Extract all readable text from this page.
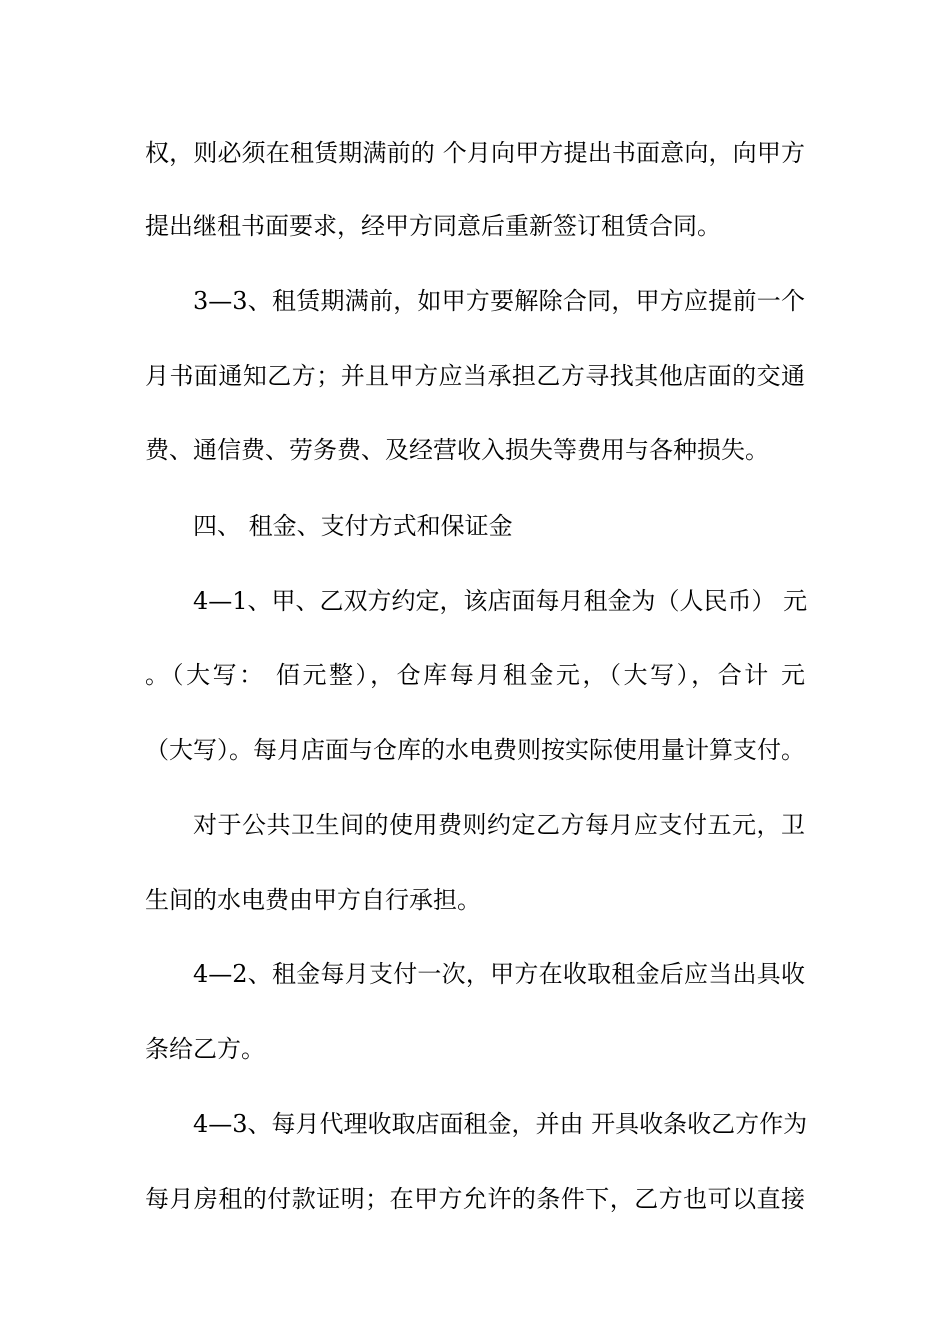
权，则必须在租赁期满前的 个月向甲方提出书面意向，向甲方
提出继租书面要求，经甲方同意后重新签订租赁合同。
3—3、租赁期满前，如甲方要解除合同，甲方应提前一个
月书面通知乙方；并且甲方应当承担乙方寻找其他店面的交通
费、通信费、劳务费、及经营收入损失等费用与各种损失。
四、 租金、支付方式和保证金
4—1、甲、乙双方约定，该店面每月租金为（人民币） 元
。（大写： 佰元整），仓库每月租金元，（大写），合计 元
（大写）。每月店面与仓库的水电费则按实际使用量计算支付。
对于公共卫生间的使用费则约定乙方每月应支付五元，卫
生间的水电费由甲方自行承担。
4—2、租金每月支付一次，甲方在收取租金后应当出具收
条给乙方。
4—3、每月代理收取店面租金，并由 开具收条收乙方作为
每月房租的付款证明；在甲方允许的条件下，乙方也可以直接
